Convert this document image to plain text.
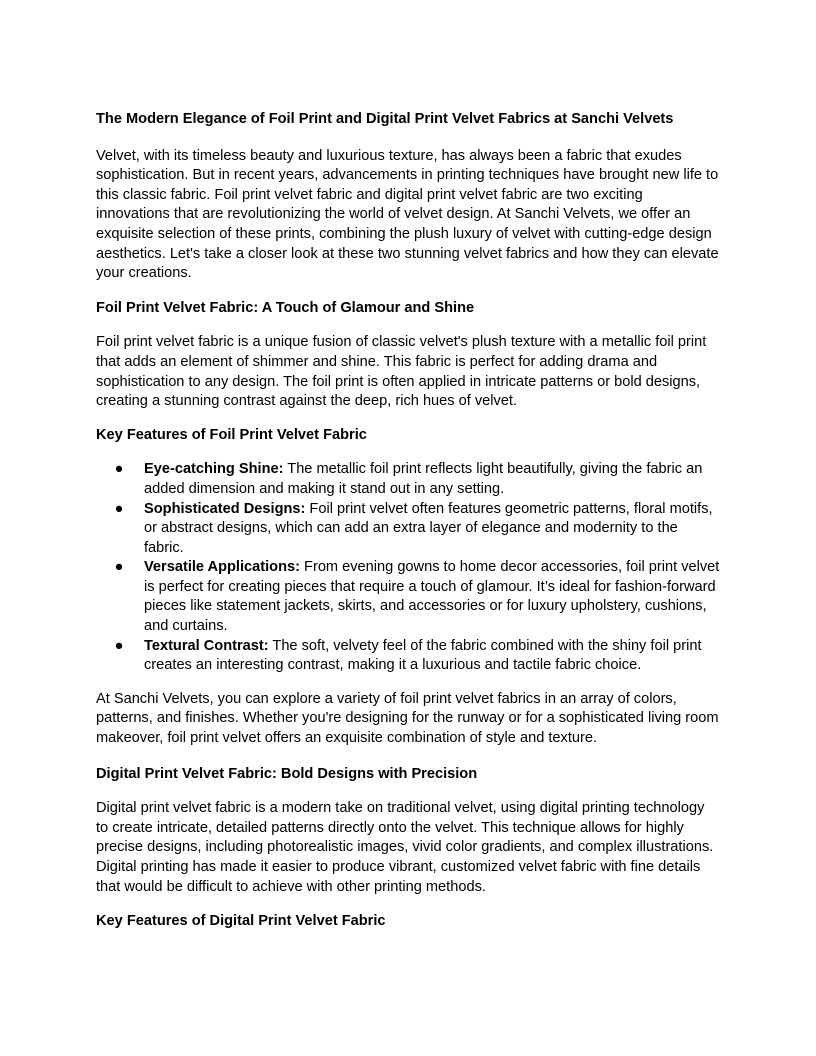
The Modern Elegance of Foil Print and Digital Print Velvet Fabrics at Sanchi Velvets

Velvet, with its timeless beauty and luxurious texture, has always been a fabric that exudes sophistication. But in recent years, advancements in printing techniques have brought new life to this classic fabric. Foil print velvet fabric and digital print velvet fabric are two exciting innovations that are revolutionizing the world of velvet design. At Sanchi Velvets, we offer an exquisite selection of these prints, combining the plush luxury of velvet with cutting-edge design aesthetics. Let's take a closer look at these two stunning velvet fabrics and how they can elevate your creations.

Foil Print Velvet Fabric: A Touch of Glamour and Shine

Foil print velvet fabric is a unique fusion of classic velvet's plush texture with a metallic foil print that adds an element of shimmer and shine. This fabric is perfect for adding drama and sophistication to any design. The foil print is often applied in intricate patterns or bold designs, creating a stunning contrast against the deep, rich hues of velvet.

Key Features of Foil Print Velvet Fabric
● Eye-catching Shine: The metallic foil print reflects light beautifully, giving the fabric an added dimension and making it stand out in any setting.
● Sophisticated Designs: Foil print velvet often features geometric patterns, floral motifs, or abstract designs, which can add an extra layer of elegance and modernity to the fabric.
● Versatile Applications: From evening gowns to home decor accessories, foil print velvet is perfect for creating pieces that require a touch of glamour. It’s ideal for fashion-forward pieces like statement jackets, skirts, and accessories or for luxury upholstery, cushions, and curtains.
● Textural Contrast: The soft, velvety feel of the fabric combined with the shiny foil print creates an interesting contrast, making it a luxurious and tactile fabric choice.

At Sanchi Velvets, you can explore a variety of foil print velvet fabrics in an array of colors, patterns, and finishes. Whether you're designing for the runway or for a sophisticated living room makeover, foil print velvet offers an exquisite combination of style and texture.

Digital Print Velvet Fabric: Bold Designs with Precision

Digital print velvet fabric is a modern take on traditional velvet, using digital printing technology to create intricate, detailed patterns directly onto the velvet. This technique allows for highly precise designs, including photorealistic images, vivid color gradients, and complex illustrations. Digital printing has made it easier to produce vibrant, customized velvet fabric with fine details that would be difficult to achieve with other printing methods.

Key Features of Digital Print Velvet Fabric
